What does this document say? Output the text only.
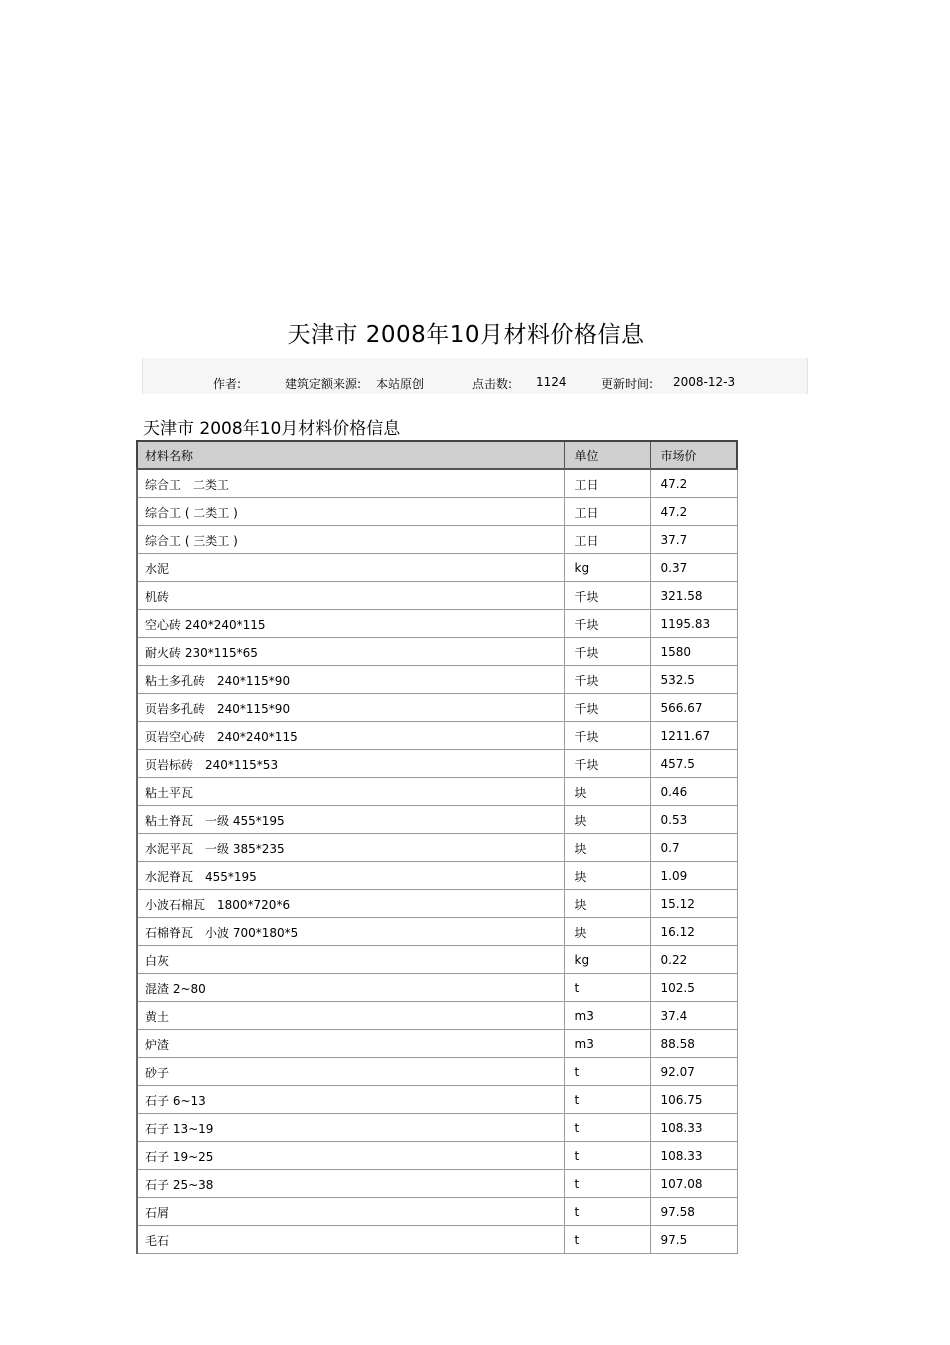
天津市 2008年10月材料价格信息
作者:	建筑定额来源: 本站原创	点击数: 1124	更新时间: 2008-12-3
天津市 2008年10月材料价格信息
材料名称	单位	市场价
综合工　二类工	工日	47.2
综合工 ( 二类工 )	工日	47.2
综合工 ( 三类工 )	工日	37.7
水泥	kg	0.37
机砖	千块	321.58
空心砖 240*240*115	千块	1195.83
耐火砖 230*115*65	千块	1580
粘土多孔砖　240*115*90	千块	532.5
页岩多孔砖　240*115*90	千块	566.67
页岩空心砖　240*240*115	千块	1211.67
页岩标砖　240*115*53	千块	457.5
粘土平瓦	块	0.46
粘土脊瓦　一级 455*195	块	0.53
水泥平瓦　一级 385*235	块	0.7
水泥脊瓦　455*195	块	1.09
小波石棉瓦　1800*720*6	块	15.12
石棉脊瓦　小波 700*180*5	块	16.12
白灰	kg	0.22
混渣 2~80	t	102.5
黄土	m3	37.4
炉渣	m3	88.58
砂子	t	92.07
石子 6~13	t	106.75
石子 13~19	t	108.33
石子 19~25	t	108.33
石子 25~38	t	107.08
石屑	t	97.58
毛石	t	97.5
